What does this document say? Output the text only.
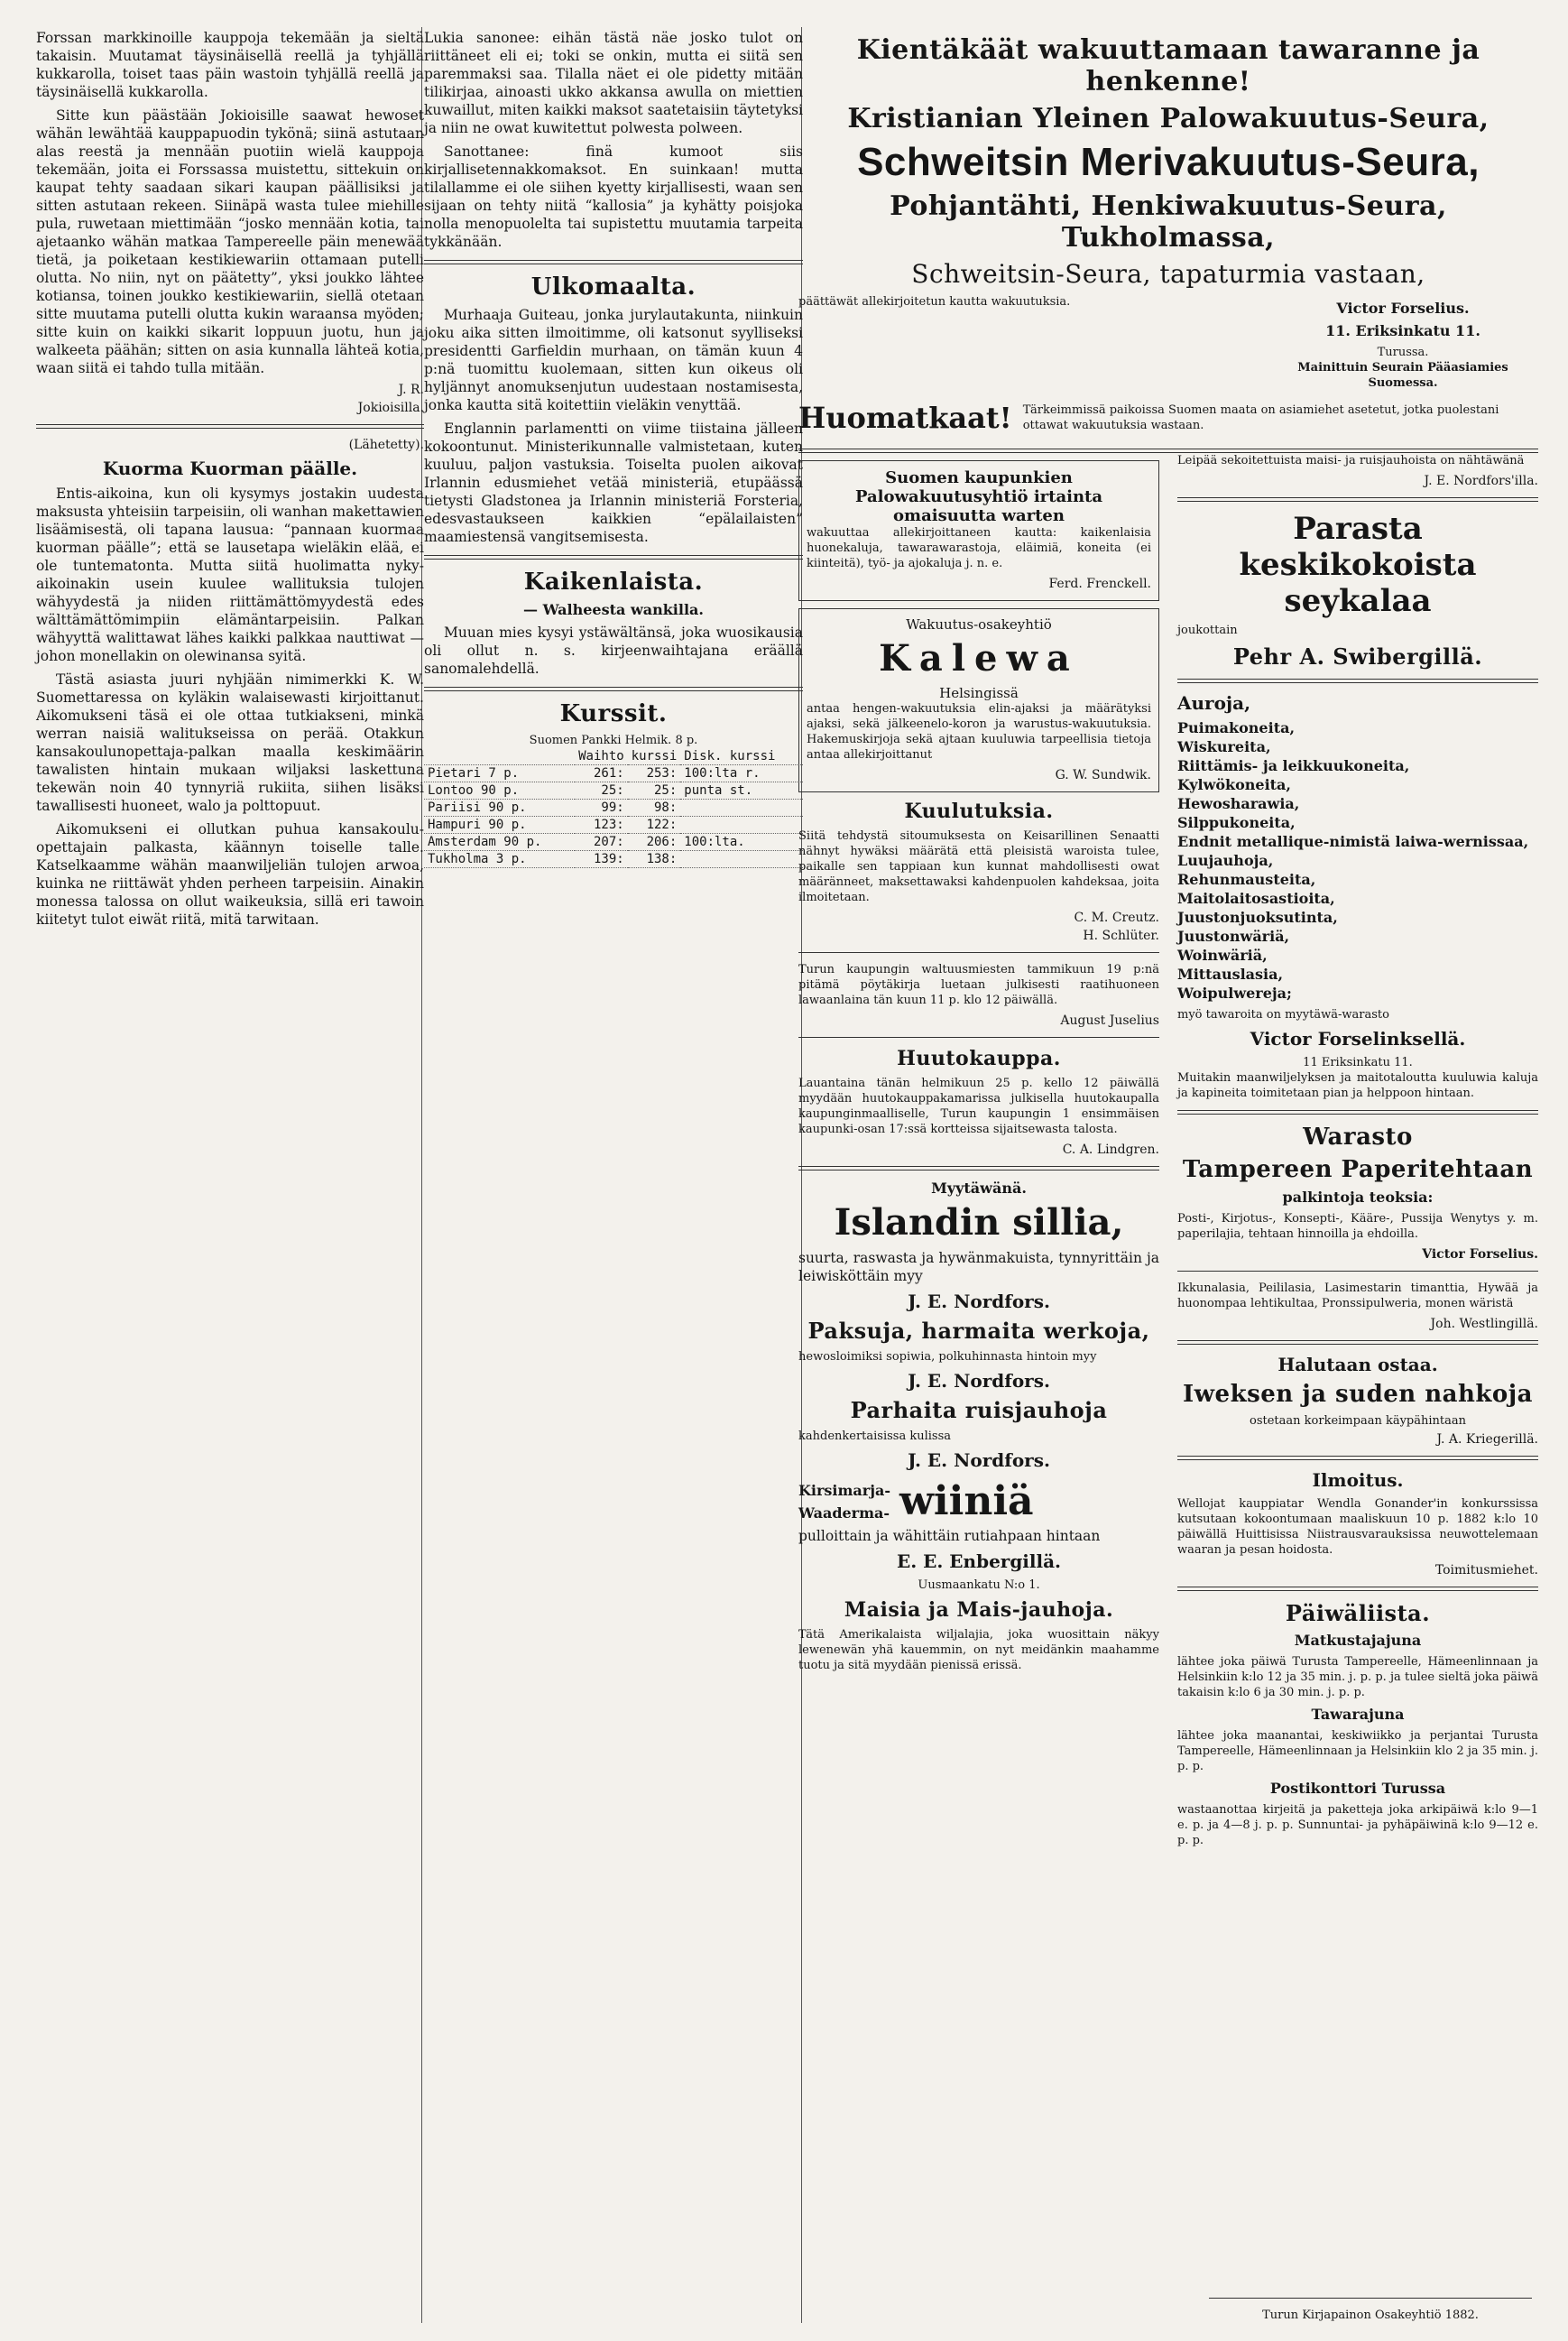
Forssan markkinoille kauppoja tekemään ja sieltä takaisin. Muutamat täysinäisellä reellä ja tyhjällä kukkarolla, toiset taas päin wastoin tyhjällä reellä ja täysinäisellä kukkarolla.

Sitte kun päästään Jokioisille saawat hewoset wähän lewähtää kauppapuodin tykönä; siinä astutaan alas reestä ja mennään puotiin wielä kauppoja tekemään, joita ei Forssassa muistettu, sittekuin on kaupat tehty saadaan sikari kaupan päällisiksi ja sitten astutaan rekeen. Siinäpä wasta tulee miehille pula, ruwetaan miettimään “josko mennään kotia, tai ajetaanko wähän matkaa Tampereelle päin menewää tietä, ja poiketaan kestikiewariin ottamaan putelli olutta. No niin, nyt on päätetty”, yksi joukko lähtee kotiansa, toinen joukko kestikiewariin, siellä otetaan sitte muutama putelli olutta kukin waraansa myöden; sitte kuin on kaikki sikarit loppuun juotu, hun ja walkeeta päähän; sitten on asia kunnalla lähteä kotia, waan siitä ei tahdo tulla mitään.

J. R.
Jokioisilla.
(Lähetetty).
Kuorma Kuorman päälle.

Entis-aikoina, kun oli kysymys jostakin uudesta maksusta yhteisiin tarpeisiin, oli wanhan makettawien lisäämisestä, oli tapana lausua: “pannaan kuormaa kuorman päälle”; että se lausetapa wieläkin elää, ei ole tuntematonta. Mutta siitä huolimatta nyky-aikoinakin usein kuulee wallituksia tulojen wähyydestä ja niiden riittämättömyydestä edes wälttämättömimpiin elämäntarpeisiin. Palkan wähyyttä walittawat lähes kaikki palkkaa nauttiwat — johon monellakin on olewinansa syitä.

Tästä asiasta juuri nyhjään nimimerkki K. W. Suomettaressa on kyläkin walaisewasti kirjoittanut. Aikomukseni täsä ei ole ottaa tutkiakseni, minkä werran naisiä walitukseissa on perää. Otakkun kansakoulunopettaja-palkan maalla keskimäärin tawalisten hintain mukaan wiljaksi laskettuna tekewän noin 40 tynnyriä rukiita, siihen lisäksi tawallisesti huoneet, walo ja polttopuut.

Aikomukseni ei ollutkan puhua kansakoulu-opettajain palkasta, käännyn toiselle talle. Katselkaamme wähän maanwiljeliän tulojen arwoa, kuinka ne riittäwät yhden perheen tarpeisiin. Ainakin monessa talossa on ollut waikeuksia, sillä eri tawoin kiitetyt tulot eiwät riitä, mitä tarwitaan.

Lukia sanonee: eihän tästä näe josko tulot on riittäneet eli ei; toki se onkin, mutta ei siitä sen paremmaksi saa. Tilalla näet ei ole pidetty mitään tilikirjaa, ainoasti ukko akkansa awulla on miettien kuwaillut, miten kaikki maksot saatetaisiin täytetyksi ja niin ne owat kuwitettut polwesta polween.

Sanottanee: finä kumoot siis kirjallisetennakkomaksot. En suinkaan! mutta tilallamme ei ole siihen kyetty kirjallisesti, waan sen sijaan on tehty niitä “kallosia” ja kyhätty poisjoka nolla menopuolelta tai supistettu muutamia tarpeita tykkänään.

Ulkomaalta.

Murhaaja Guiteau, jonka jurylautakunta, niinkuin joku aika sitten ilmoitimme, oli katsonut syylliseksi presidentti Garfieldin murhaan, on tämän kuun 4 p:nä tuomittu kuolemaan, sitten kun oikeus oli hyljännyt anomuksenjutun uudestaan nostamisesta, jonka kautta sitä koitettiin vieläkin venyttää.

Englannin parlamentti on viime tiistaina jälleen kokoontunut. Ministerikunnalle valmistetaan, kuten kuuluu, paljon vastuksia. Toiselta puolen aikovat Irlannin edusmiehet vetää ministeriä, etupäässä tietysti Gladstonea ja Irlannin ministeriä Forsteria, edesvastaukseen kaikkien “epälailaisten” maamiestensä vangitsemisesta.

Kaikenlaista.
— Walheesta wankilla.

Muuan mies kysyi ystäwältänsä, joka wuosikausia oli ollut n. s. kirjeenwaihtajana eräällä sanomalehdellä.

Kurssit.
Suomen Pankki Helmik. 8 p.
	Waihto	kurssi	Disk. kurssi
Pietari 7 p.	261:	253:	100:lta r.
Lontoo 90 p.	25:	25:	punta st.
Pariisi 90 p.	99:	98:	
Hampuri 90 p.	123:	122:	
Amsterdam 90 p.	207:	206:	100:lta.
Tukholma 3 p.	139:	138:	
Kientäkäät wakuuttamaan tawaranne ja henkenne!
Kristianian Yleinen Palowakuutus-Seura,
Schweitsin Merivakuutus-Seura,
Pohjantähti, Henkiwakuutus-Seura, Tukholmassa,
Schweitsin-Seura, tapaturmia vastaan,
päättäwät allekirjoitetun kautta wakuutuksia.	Victor Forselius.
11. Eriksinkatu 11.
Turussa.
Mainittuin Seurain Pääasiamies Suomessa.
Huomatkaat! Tärkeimmissä paikoissa Suomen maata on asiamiehet asetetut, jotka puolestani ottawat wakuutuksia wastaan.
Suomen kaupunkien Palowakuutusyhtiö irtainta omaisuutta warten
wakuuttaa allekirjoittaneen kautta: kaikenlaisia huonekaluja, tawarawarastoja, eläimiä, koneita (ei kiinteitä), työ- ja ajokaluja j. n. e.
Ferd. Frenckell.
Wakuutus-osakeyhtiö
Kalewa
Helsingissä
antaa hengen-wakuutuksia elin-ajaksi ja määrätyksi ajaksi, sekä jälkeenelo-koron ja warustus-wakuutuksia. Hakemuskirjoja sekä ajtaan kuuluwia tarpeellisia tietoja antaa allekirjoittanut
G. W. Sundwik.
Kuulutuksia.

Siitä tehdystä sitoumuksesta on Keisarillinen Senaatti nähnyt hywäksi määrätä että pleisistä waroista tulee, paikalle sen tappiaan kun kunnat mahdollisesti owat määränneet, maksettawaksi kahdenpuolen kahdeksaa, joita ilmoitetaan.

C. M. Creutz.
H. Schlüter.

Turun kaupungin waltuusmiesten tammikuun 19 p:nä pitämä pöytäkirja luetaan julkisesti raatihuoneen lawaanlaina tän kuun 11 p. klo 12 päiwällä.

August Juselius
Huutokauppa.

Lauantaina tänän helmikuun 25 p. kello 12 päiwällä myydään huutokauppakamarissa julkisella huutokaupalla kaupunginmaalliselle, Turun kaupungin 1 ensimmäisen kaupunki-osan 17:ssä kortteissa sijaitsewasta talosta.

C. A. Lindgren.
Myytäwänä.
Islandin sillia,
suurta, raswasta ja hywänmakuista, tynnyrittäin ja leiwisköttäin myy
J. E. Nordfors.
Paksuja, harmaita werkoja,
hewosloimiksi sopiwia, polkuhinnasta hintoin myy
J. E. Nordfors.
Parhaita ruisjauhoja
kahdenkertaisissa kulissa
J. E. Nordfors.
Kirsimarja-
Waaderma- wiiniä
pulloittain ja wähittäin rutiahpaan hintaan
E. E. Enbergillä.
Uusmaankatu N:o 1.
Maisia ja Mais-jauhoja.

Tätä Amerikalaista wiljalajia, joka wuosittain näkyy lewenewän yhä kauemmin, on nyt meidänkin maahamme tuotu ja sitä myydään pienissä erissä.

Leipää sekoitettuista maisi- ja ruisjauhoista on nähtäwänä
J. E. Nordfors'illa.
Parasta keskikokoista seykalaa
joukottain
Pehr A. Swibergillä.
Auroja,
Puimakoneita,
Wiskureita,
Riittämis- ja leikkuukoneita,
Kylwökoneita,
Hewosharawia,
Silppukoneita,
Endnit metallique-nimistä laiwa-wernissaa,
Luujauhoja,
Rehunmausteita,
Maitolaitosastioita,
Juustonjuoksutinta,
Juustonwäriä,
Woinwäriä,
Mittauslasia,
Woipulwereja;
myö tawaroita on myytäwä-warasto
Victor Forselinksellä.
11 Eriksinkatu 11.

Muitakin maanwiljelyksen ja maitotaloutta kuuluwia kaluja ja kapineita toimitetaan pian ja helppoon hintaan.

Warasto
Tampereen Paperitehtaan
palkintoja teoksia:

Posti-, Kirjotus-, Konsepti-, Kääre-, Pussija Wenytys y. m. paperilajia, tehtaan hinnoilla ja ehdoilla.

Victor Forselius.

Ikkunalasia, Peililasia, Lasimestarin timanttia, Hywää ja huonompaa lehtikultaa, Pronssipulweria, monen wäristä

Joh. Westlingillä.
Halutaan ostaa.
Iweksen ja suden nahkoja
ostetaan korkeimpaan käypähintaan
J. A. Kriegerillä.
Ilmoitus.

Wellojat kauppiatar Wendla Gonander'in konkurssissa kutsutaan kokoontumaan maaliskuun 10 p. 1882 k:lo 10 päiwällä Huittisissa Niistrausvarauksissa neuwottelemaan waaran ja pesan hoidosta.

Toimitusmiehet.
Päiwäliista.
Matkustajajuna

lähtee joka päiwä Turusta Tampereelle, Hämeenlinnaan ja Helsinkiin k:lo 12 ja 35 min. j. p. p. ja tulee sieltä joka päiwä takaisin k:lo 6 ja 30 min. j. p. p.

Tawarajuna

lähtee joka maanantai, keskiwiikko ja perjantai Turusta Tampereelle, Hämeenlinnaan ja Helsinkiin klo 2 ja 35 min. j. p. p.

Postikonttori Turussa

wastaanottaa kirjeitä ja paketteja joka arkipäiwä k:lo 9—1 e. p. ja 4—8 j. p. p. Sunnuntai- ja pyhäpäiwinä k:lo 9—12 e. p. p.

Turun Kirjapainon Osakeyhtiö 1882.
